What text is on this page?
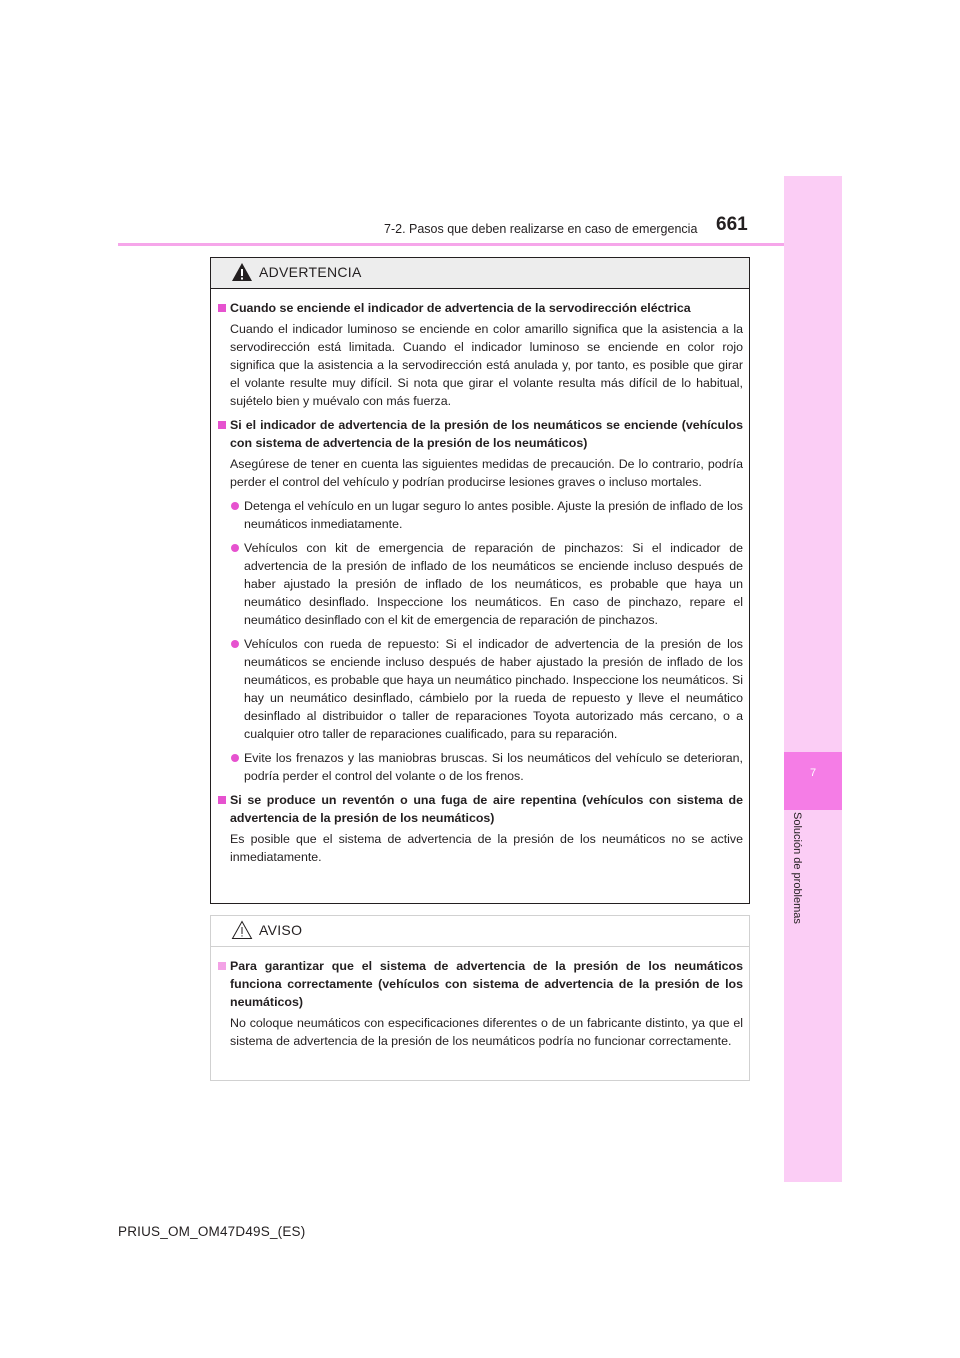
7-2. Pasos que deben realizarse en caso de emergencia 661
7
Solución de problemas
ADVERTENCIA
Cuando se enciende el indicador de advertencia de la servodirección eléctrica
Cuando el indicador luminoso se enciende en color amarillo significa que la asistencia a la servodirección está limitada. Cuando el indicador luminoso se enciende en color rojo significa que la asistencia a la servodirección está anulada y, por tanto, es posible que girar el volante resulte muy difícil. Si nota que girar el volante resulta más difícil de lo habitual, sujételo bien y muévalo con más fuerza.
Si el indicador de advertencia de la presión de los neumáticos se enciende (vehículos con sistema de advertencia de la presión de los neumáticos)
Asegúrese de tener en cuenta las siguientes medidas de precaución. De lo contrario, podría perder el control del vehículo y podrían producirse lesiones graves o incluso mortales.
Detenga el vehículo en un lugar seguro lo antes posible. Ajuste la presión de inflado de los neumáticos inmediatamente.
Vehículos con kit de emergencia de reparación de pinchazos: Si el indicador de advertencia de la presión de inflado de los neumáticos se enciende incluso después de haber ajustado la presión de inflado de los neumáticos, es probable que haya un neumático desinflado. Inspeccione los neumáticos. En caso de pinchazo, repare el neumático desinflado con el kit de emergencia de reparación de pinchazos.
Vehículos con rueda de repuesto: Si el indicador de advertencia de la presión de los neumáticos se enciende incluso después de haber ajustado la presión de inflado de los neumáticos, es probable que haya un neumático pinchado. Inspeccione los neumáticos. Si hay un neumático desinflado, cámbielo por la rueda de repuesto y lleve el neumático desinflado al distribuidor o taller de reparaciones Toyota autorizado más cercano, o a cualquier otro taller de reparaciones cualificado, para su reparación.
Evite los frenazos y las maniobras bruscas. Si los neumáticos del vehículo se deterioran, podría perder el control del volante o de los frenos.
Si se produce un reventón o una fuga de aire repentina (vehículos con sistema de advertencia de la presión de los neumáticos)
Es posible que el sistema de advertencia de la presión de los neumáticos no se active inmediatamente.
AVISO
Para garantizar que el sistema de advertencia de la presión de los neumáticos funciona correctamente (vehículos con sistema de advertencia de la presión de los neumáticos)
No coloque neumáticos con especificaciones diferentes o de un fabricante distinto, ya que el sistema de advertencia de la presión de los neumáticos podría no funcionar correctamente.
PRIUS_OM_OM47D49S_(ES)
